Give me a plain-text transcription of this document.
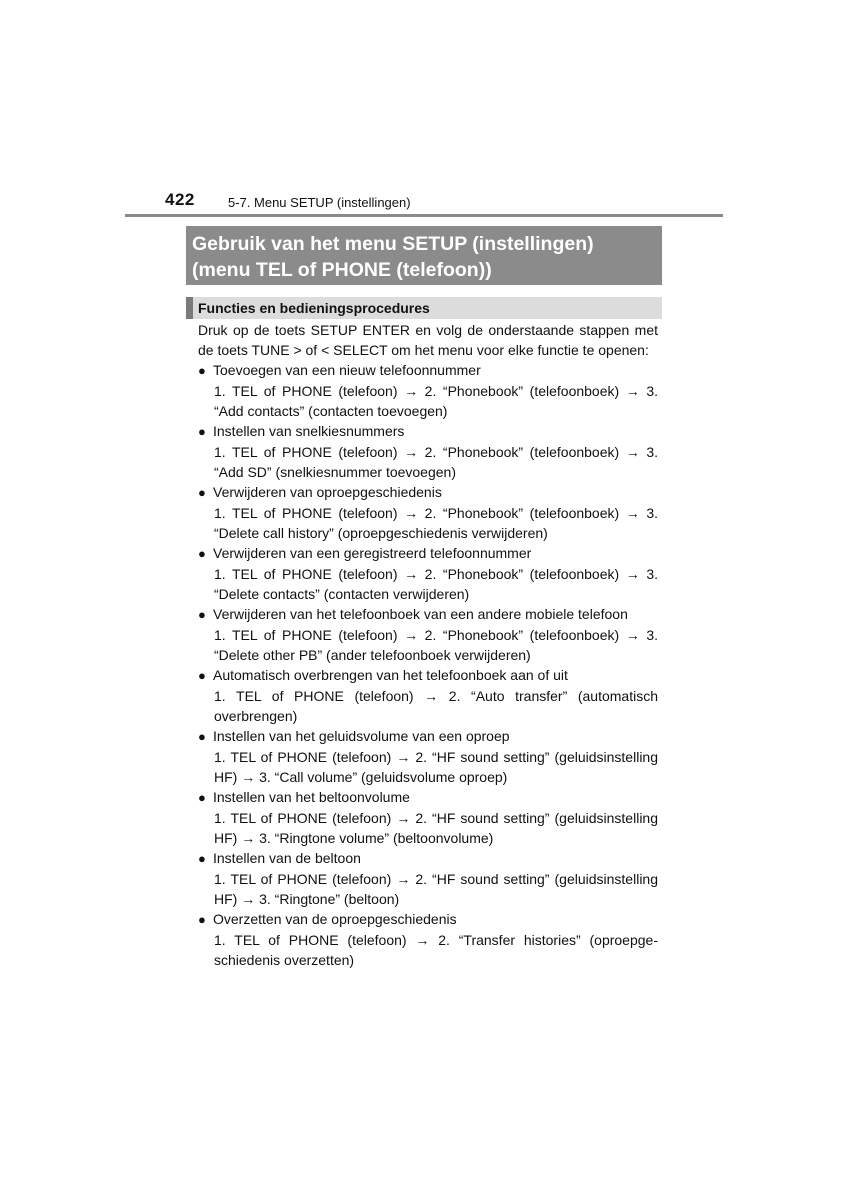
422	5-7. Menu SETUP (instellingen)
Gebruik van het menu SETUP (instellingen)
(menu TEL of PHONE (telefoon))
Functies en bedieningsprocedures
Druk op de toets SETUP ENTER en volg de onderstaande stappen met de toets TUNE > of < SELECT om het menu voor elke functie te openen:
● Toevoegen van een nieuw telefoonnummer
1. TEL of PHONE (telefoon) → 2. “Phonebook” (telefoonboek) → 3. “Add contacts” (contacten toevoegen)
● Instellen van snelkiesnummers
1. TEL of PHONE (telefoon) → 2. “Phonebook” (telefoonboek) → 3. “Add SD” (snelkiesnummer toevoegen)
● Verwijderen van oproepgeschiedenis
1. TEL of PHONE (telefoon) → 2. “Phonebook” (telefoonboek) → 3. “Delete call history” (oproepgeschiedenis verwijderen)
● Verwijderen van een geregistreerd telefoonnummer
1. TEL of PHONE (telefoon) → 2. “Phonebook” (telefoonboek) → 3. “Delete contacts” (contacten verwijderen)
● Verwijderen van het telefoonboek van een andere mobiele telefoon
1. TEL of PHONE (telefoon) → 2. “Phonebook” (telefoonboek) → 3. “Delete other PB” (ander telefoonboek verwijderen)
● Automatisch overbrengen van het telefoonboek aan of uit
1. TEL of PHONE (telefoon) → 2. “Auto transfer” (automatisch overbrengen)
● Instellen van het geluidsvolume van een oproep
1. TEL of PHONE (telefoon) → 2. “HF sound setting” (geluidsinstelling HF) → 3. “Call volume” (geluidsvolume oproep)
● Instellen van het beltoonvolume
1. TEL of PHONE (telefoon) → 2. “HF sound setting” (geluidsinstelling HF) → 3. “Ringtone volume” (beltoonvolume)
● Instellen van de beltoon
1. TEL of PHONE (telefoon) → 2. “HF sound setting” (geluidsinstelling HF) → 3. “Ringtone” (beltoon)
● Overzetten van de oproepgeschiedenis
1. TEL of PHONE (telefoon) → 2. “Transfer histories” (oproepgeschiedenis overzetten)
